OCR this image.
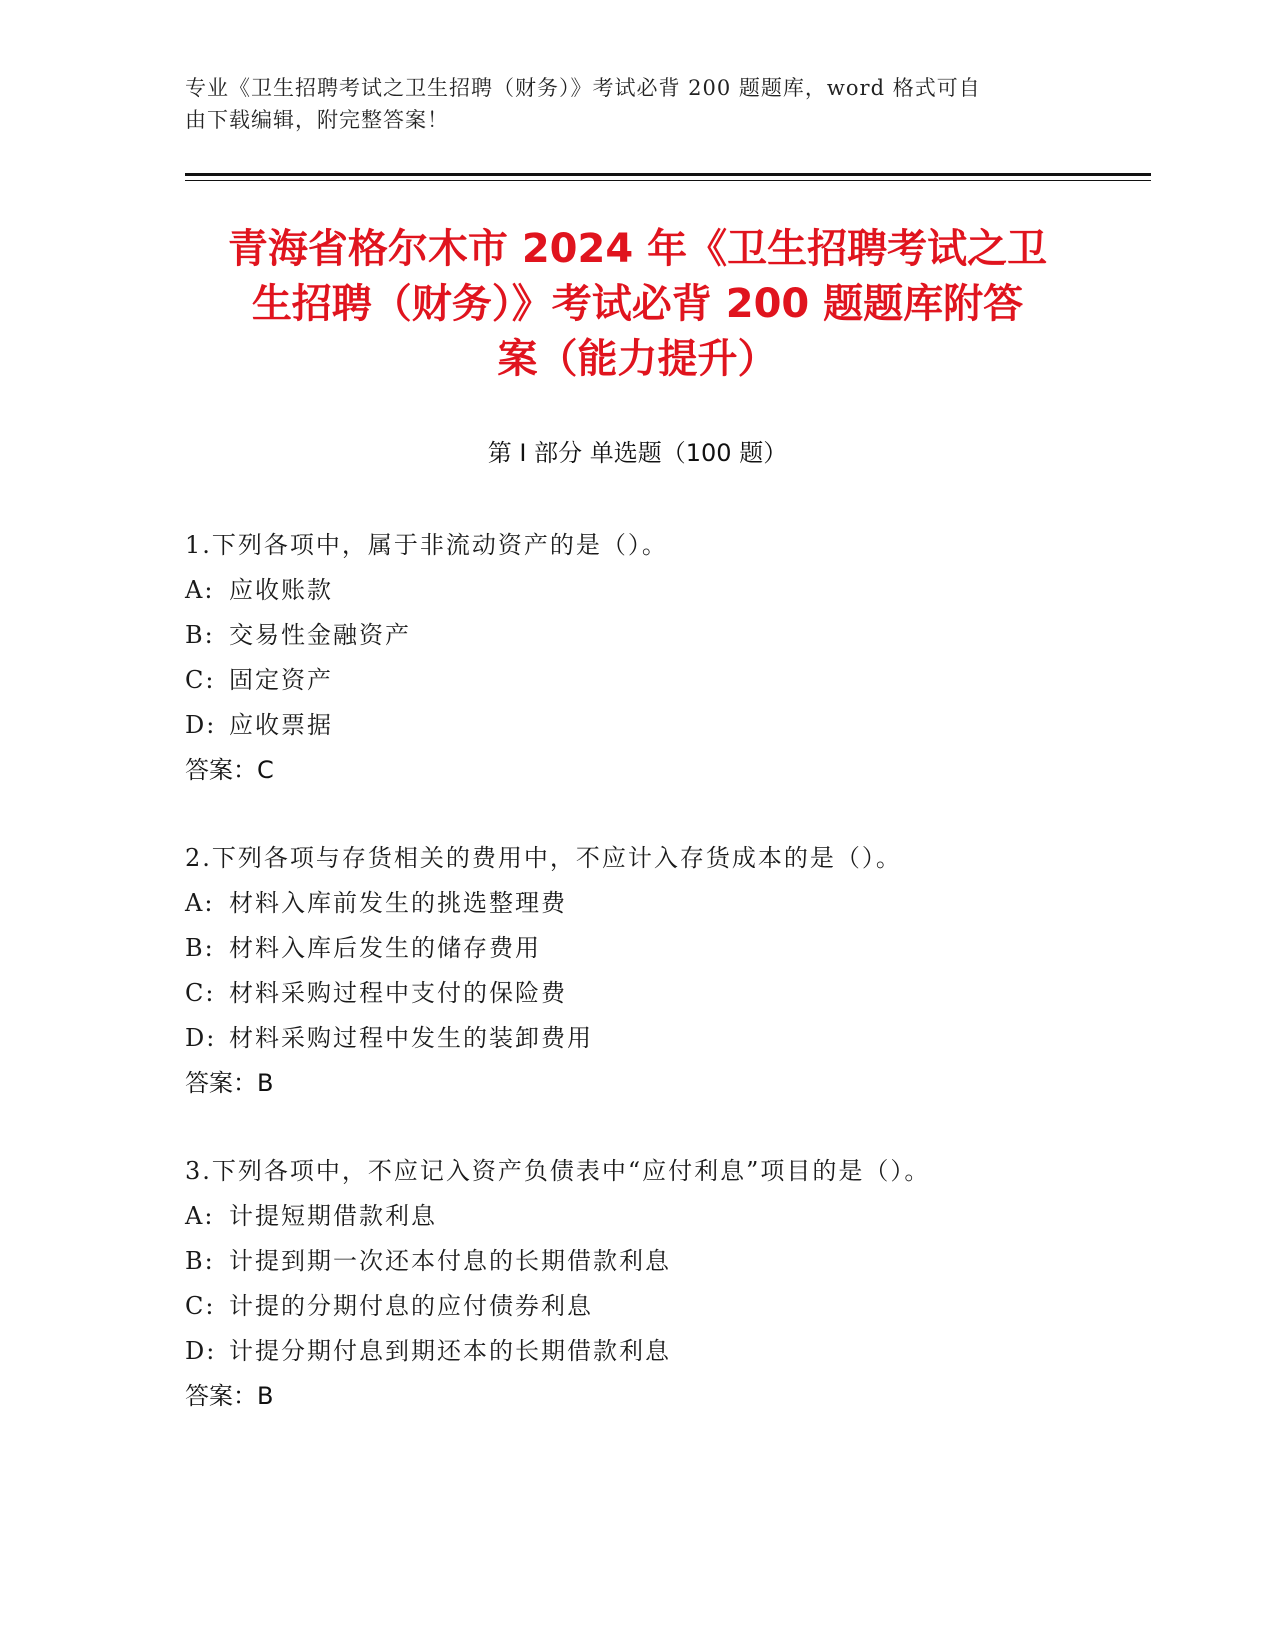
专业《卫生招聘考试之卫生招聘（财务）》考试必背 200 题题库，word 格式可自
由下载编辑，附完整答案！
青海省格尔木市 2024 年《卫生招聘考试之卫
生招聘（财务）》考试必背 200 题题库附答
案（能力提升）
第 I 部分 单选题（100 题）
1.下列各项中，属于非流动资产的是（）。
A: 应收账款
B: 交易性金融资产
C: 固定资产
D: 应收票据
答案：C
2.下列各项与存货相关的费用中，不应计入存货成本的是（）。
A: 材料入库前发生的挑选整理费
B: 材料入库后发生的储存费用
C: 材料采购过程中支付的保险费
D: 材料采购过程中发生的装卸费用
答案：B
3.下列各项中，不应记入资产负债表中“应付利息”项目的是（）。
A: 计提短期借款利息
B: 计提到期一次还本付息的长期借款利息
C: 计提的分期付息的应付债券利息
D: 计提分期付息到期还本的长期借款利息
答案：B
